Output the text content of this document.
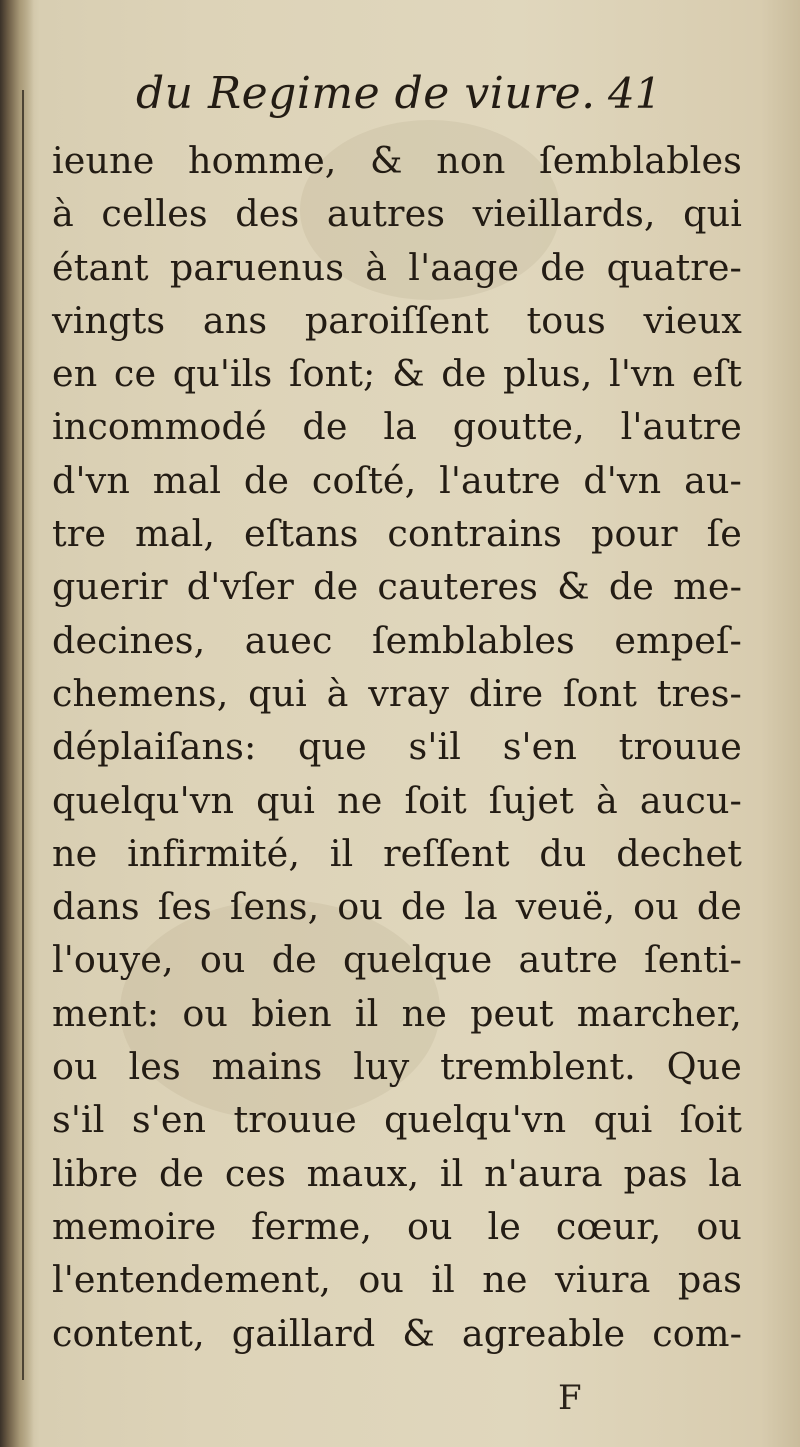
du Regime de viure. 41
ieune homme, & non ſemblables
à celles des autres vieillards, qui
étant paruenus à l'aage de quatre-
vingts ans paroiſſent tous vieux
en ce qu'ils ſont; & de plus, l'vn eſt
incommodé de la goutte, l'autre
d'vn mal de coſté, l'autre d'vn au-
tre mal, eſtans contrains pour ſe
guerir d'vſer de cauteres & de me-
decines, auec ſemblables empeſ-
chemens, qui à vray dire ſont tres-
déplaiſans: que s'il s'en trouue
quelqu'vn qui ne ſoit ſujet à aucu-
ne infirmité, il reſſent du dechet
dans ſes ſens, ou de la veuë, ou de
l'ouye, ou de quelque autre ſenti-
ment: ou bien il ne peut marcher,
ou les mains luy tremblent. Que
s'il s'en trouue quelqu'vn qui ſoit
libre de ces maux, il n'aura pas la
memoire ferme, ou le cœur, ou
l'entendement, ou il ne viura pas
content, gaillard & agreable com-
F
